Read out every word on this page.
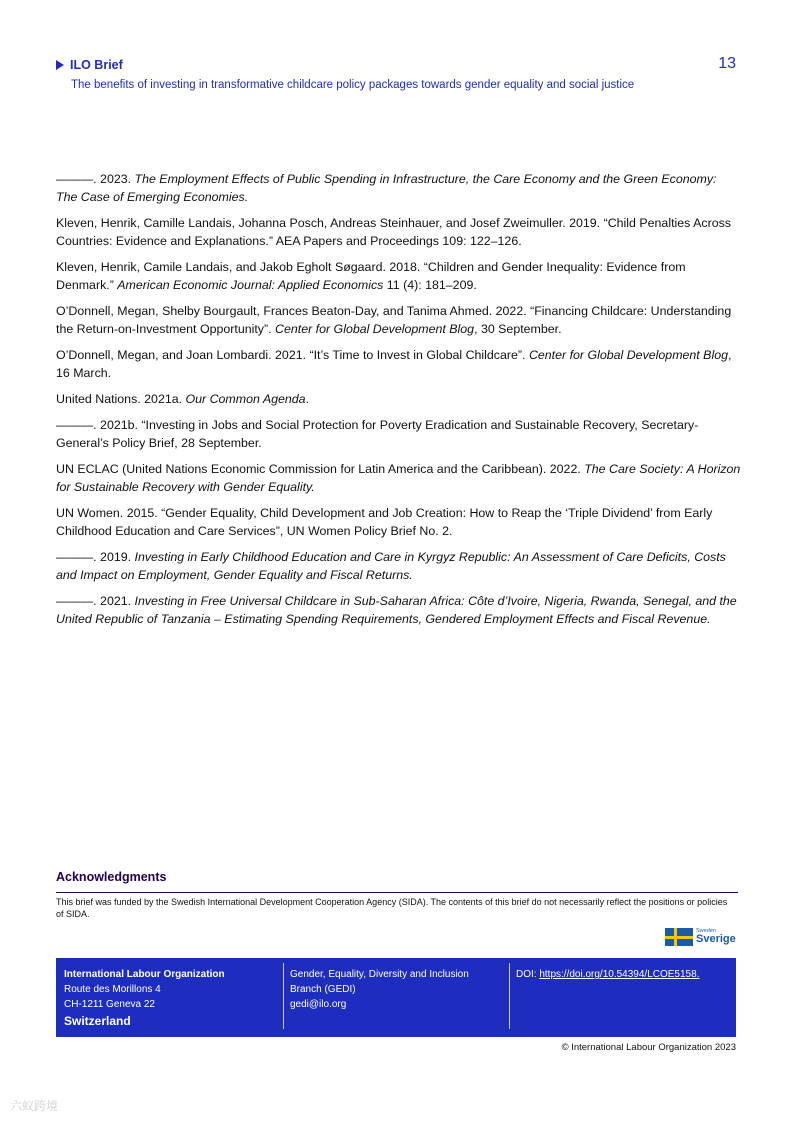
ILO Brief
The benefits of investing in transformative childcare policy packages towards gender equality and social justice
13

———. 2023. The Employment Effects of Public Spending in Infrastructure, the Care Economy and the Green Economy: The Case of Emerging Economies.

Kleven, Henrik, Camille Landais, Johanna Posch, Andreas Steinhauer, and Josef Zweimuller. 2019. “Child Penalties Across Countries: Evidence and Explanations.” AEA Papers and Proceedings 109: 122–126.

Kleven, Henrik, Camile Landais, and Jakob Egholt Søgaard. 2018. “Children and Gender Inequality: Evidence from Denmark.” American Economic Journal: Applied Economics 11 (4): 181–209.

O’Donnell, Megan, Shelby Bourgault, Frances Beaton-Day, and Tanima Ahmed. 2022. “Financing Childcare: Understanding the Return-on-Investment Opportunity”. Center for Global Development Blog, 30 September.

O’Donnell, Megan, and Joan Lombardi. 2021. “It’s Time to Invest in Global Childcare”. Center for Global Development Blog, 16 March.

United Nations. 2021a. Our Common Agenda.

———. 2021b. “Investing in Jobs and Social Protection for Poverty Eradication and Sustainable Recovery, Secretary-General’s Policy Brief, 28 September.

UN ECLAC (United Nations Economic Commission for Latin America and the Caribbean). 2022. The Care Society: A Horizon for Sustainable Recovery with Gender Equality.

UN Women. 2015. “Gender Equality, Child Development and Job Creation: How to Reap the ‘Triple Dividend’ from Early Childhood Education and Care Services”, UN Women Policy Brief No. 2.

———. 2019. Investing in Early Childhood Education and Care in Kyrgyz Republic: An Assessment of Care Deficits, Costs and Impact on Employment, Gender Equality and Fiscal Returns.

———. 2021. Investing in Free Universal Childcare in Sub-Saharan Africa: Côte d’Ivoire, Nigeria, Rwanda, Senegal, and the United Republic of Tanzania – Estimating Spending Requirements, Gendered Employment Effects and Fiscal Revenue.

Acknowledgments
This brief was funded by the Swedish International Development Cooperation Agency (SIDA). The contents of this brief do not necessarily reflect the positions or policies of SIDA.
Sweden
Sverige
International Labour Organization
Route des Morillons 4
CH-1211 Geneva 22
Switzerland
Gender, Equality, Diversity and Inclusion
Branch (GEDI)
gedi@ilo.org
DOI: https://doi.org/10.54394/LCOE5158.
© International Labour Organization 2023
六蚁跨境
